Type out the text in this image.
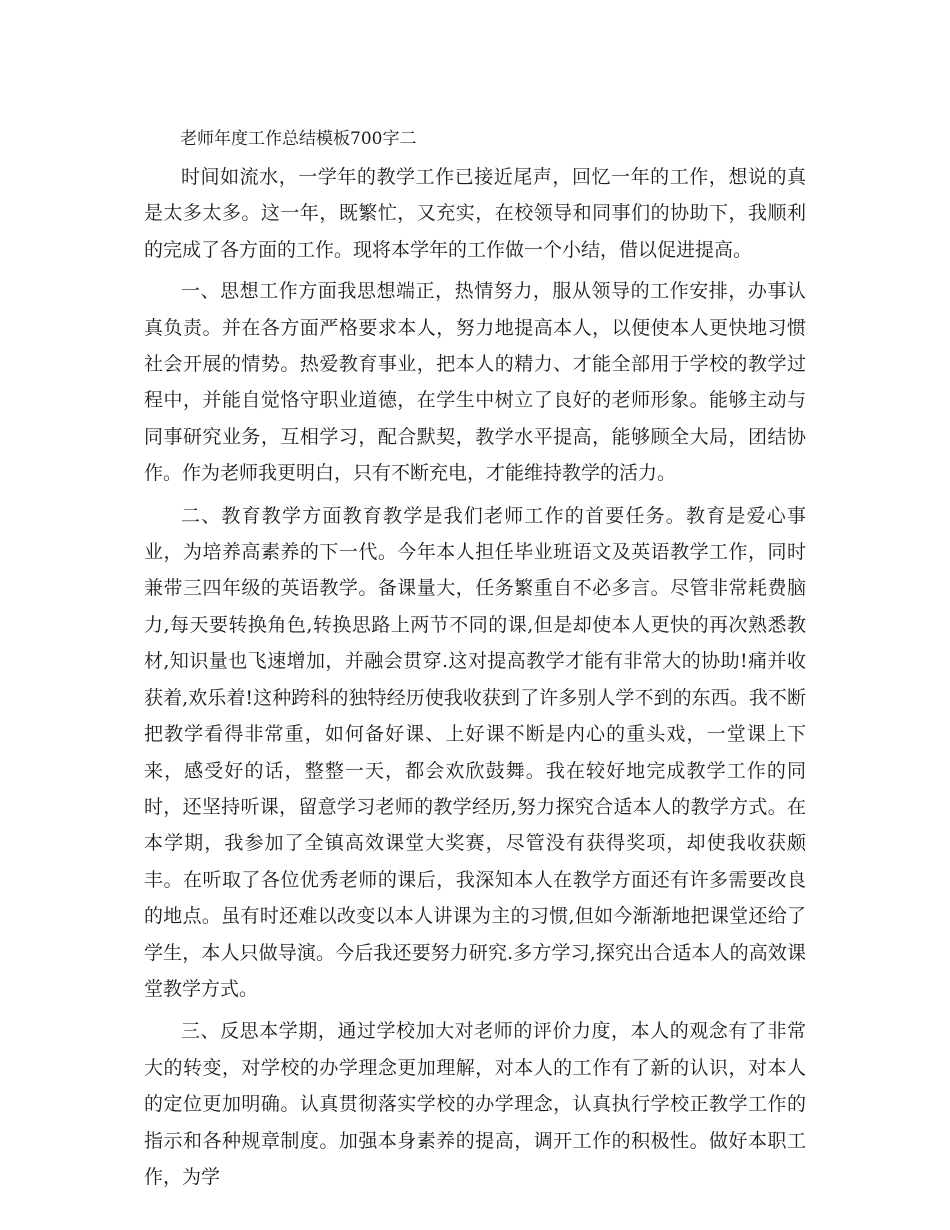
老师年度工作总结模板700字二

时间如流水，一学年的教学工作已接近尾声，回忆一年的工作，想说的真是太多太多。这一年，既繁忙，又充实，在校领导和同事们的协助下，我顺利的完成了各方面的工作。现将本学年的工作做一个小结，借以促进提高。

一、思想工作方面我思想端正，热情努力，服从领导的工作安排，办事认真负责。并在各方面严格要求本人，努力地提高本人，以便使本人更快地习惯社会开展的情势。热爱教育事业，把本人的精力、才能全部用于学校的教学过程中，并能自觉恪守职业道德，在学生中树立了良好的老师形象。能够主动与同事研究业务，互相学习，配合默契，教学水平提高，能够顾全大局，团结协作。作为老师我更明白，只有不断充电，才能维持教学的活力。

二、教育教学方面教育教学是我们老师工作的首要任务。教育是爱心事业，为培养高素养的下一代。今年本人担任毕业班语文及英语教学工作，同时兼带三四年级的英语教学。备课量大，任务繁重自不必多言。尽管非常耗费脑力,每天要转换角色,转换思路上两节不同的课,但是却使本人更快的再次熟悉教材,知识量也飞速增加，并融会贯穿.这对提高教学才能有非常大的协助!痛并收获着,欢乐着!这种跨科的独特经历使我收获到了许多别人学不到的东西。我不断把教学看得非常重，如何备好课、上好课不断是内心的重头戏，一堂课上下来，感受好的话，整整一天，都会欢欣鼓舞。我在较好地完成教学工作的同时，还坚持听课，留意学习老师的教学经历,努力探究合适本人的教学方式。在本学期，我参加了全镇高效课堂大奖赛，尽管没有获得奖项，却使我收获颇丰。在听取了各位优秀老师的课后，我深知本人在教学方面还有许多需要改良的地点。虽有时还难以改变以本人讲课为主的习惯,但如今渐渐地把课堂还给了学生，本人只做导演。今后我还要努力研究.多方学习,探究出合适本人的高效课堂教学方式。

三、反思本学期，通过学校加大对老师的评价力度，本人的观念有了非常大的转变，对学校的办学理念更加理解，对本人的工作有了新的认识，对本人的定位更加明确。认真贯彻落实学校的办学理念，认真执行学校正教学工作的指示和各种规章制度。加强本身素养的提高，调开工作的积极性。做好本职工作，为学
